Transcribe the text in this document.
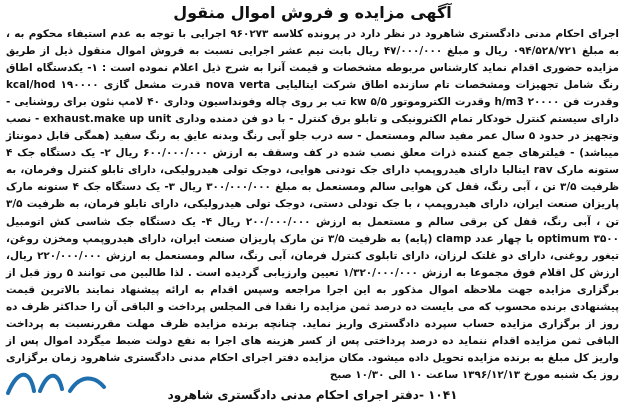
آگهی مزایده و فروش اموال منقول

اجرای احکام مدنی دادگستری شاهرود در نظر دارد در پرونده کلاسه ۹۶۰۲۷۳ اجرایی با توجه به عدم استیفاء محکوم به ، به مبلغ ۰۹۴/۵۲۸/۷۲۱ ریال و مبلغ ۴۷/۰۰۰/۰۰۰ ریال بابت نیم عشر اجرایی نسبت به فروش اموال منقول ذیل از طریق مزایده حضوری اقدام نماید کارشناس مربوطه مشخصات و قیمت آنرا به شرح ذیل اعلام نموده است : ۱- یکدستگاه اطاق رنگ شامل تجهیزات ومشخصات تام سازنده اطاق شرکت ایتالیایی nova verta قدرت مشعل گازی ۱۹۰۰۰۰ kcal/hod وقدرت فن ۲۰۰۰۰ h/m3 وقدرت الکتروموتور ۵/۵ kw تب بر روی چاله وفونداسیون وداری ۴۰ لامپ نئون برای روشنایی - دارای سیستم کنترل خودکار تمام الکترونیکی و تابلو برق کنترل - با دو فن دمنده وداری exhaust.make up unit - نصب وتجهیز در حدود ۵ سال عمر مفید سالم ومستعمل - سه درب جلو آبی رنگ وبدنه عایق به رنگ سفید (همگی قابل دمونتاژ میباشد) - فیلترهای جمع کننده ذرات معلق نصب شده در کف وسقف به ارزش ۶۰۰/۰۰۰/۰۰۰ ریال ۲- یک دستگاه جک ۴ ستونه مارک rav ایتالیا دارای هیدروپمپ دارای جک تودنی هوایی، دوجک تولی هیدرولیکی، دارای تابلو کنترل وفرمان، به ظرفیت ۳/۵ تن ، آبی رنگ، قفل کن هوایی سالم ومستعمل به مبلغ ۳۰۰/۰۰۰/۰۰۰ ریال ۳- یک دستگاه جک ۴ ستونه مارک پاریزان صنعت ایران، دارای هیدروپمپ ، با جک تودلی دستی، دوجک تولی هیدرولیکی، دارای تابلو فرمان، به ظرفیت ۳/۵ تن ، آبی رنگ، قفل کن برقی سالم و مستعمل به ارزش ۲۰۰/۰۰۰/۰۰۰ ریال ۴- یک دستگاه جک شاسی کش اتومبیل optimum ۳۵۰۰ با چهار عدد clamp (پایه) به ظرفیت ۳/۵ تن مارک پاریزان صنعت ایران، دارای هیدروپمپ ومخزن روغن، تیغور روغنی، دارای دو غلتک لرزان، دارای تابلوی کنترل فرمان، آبی رنگ، سالم ومستعمل به ارزش ۲۲۰/۰۰۰/۰۰۰ ریال، ارزش کل اقلام فوق مجموعا به ارزش ۱/۳۲۰/۰۰۰/۰۰۰ تعیین وارزیابی گردیده است . لذا طالبین می توانند ۵ روز قبل از برگزاری مزایده جهت ملاحظه اموال مذکور به این اجرا مراجعه وسپس اقدام به ارائه پیشنهاد نمایند بالاترین قیمت پیشنهادی برنده محسوب که می بایست ده درصد ثمن مزایده را نقدا فی المجلس پرداخت و الباقی آن را حداکثر ظرف ده روز از برگزاری مزایده حساب سپرده دادگستری واریز نماید. چنانچه برنده مزایده ظرف مهلت مقررنسبت به پرداخت الباقی ثمن مزایده اقدام ننماید ده درصد پرداختی پس از کسر هزینه های اجرا به نفع دولت ضبط میگردد اموال پس از واریز کل مبلغ به برنده مزایده تحویل داده میشود. مکان مزایده دفتر اجرای احکام مدنی دادگستری شاهرود زمان برگزاری روز یک شنبه مورخ ۱۳۹۶/۱۲/۱۳ ساعت ۱۰ الی ۱۰/۳۰ صبح

۱۰۴۱ -دفتر اجرای احکام مدنی دادگستری شاهرود
